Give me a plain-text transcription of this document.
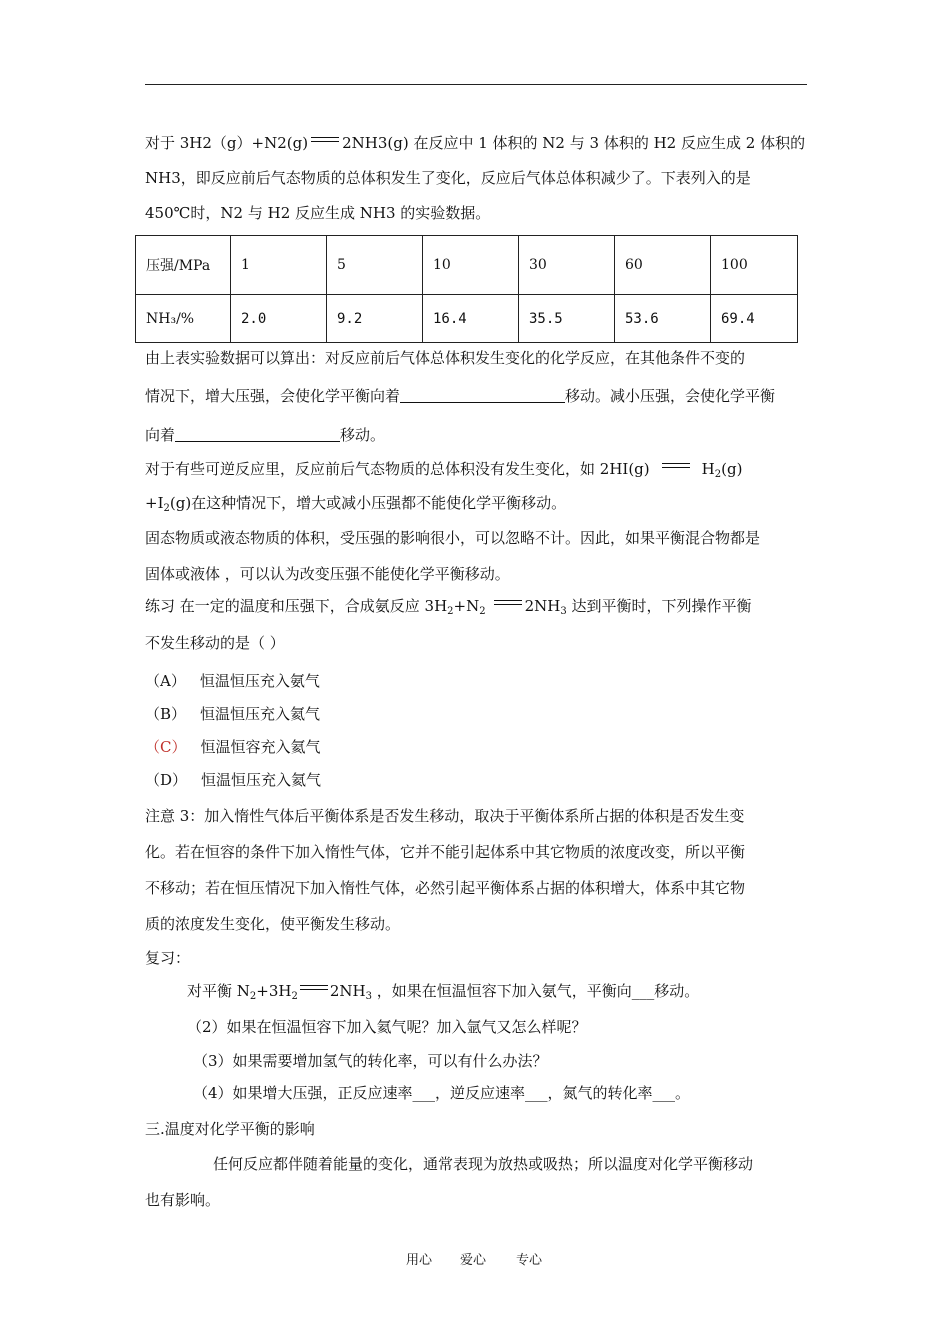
对于 3H2（g）+N2(g) 2NH3(g) 在反应中 1 体积的 N2 与 3 体积的 H2 反应生成 2 体积的
NH3，即反应前后气态物质的总体积发生了变化，反应后气体总体积减少了。下表列入的是
450℃时，N2 与 H2 反应生成 NH3 的实验数据。
压强/MPa	1	5	10	30	60	100
NH₃/%	2.0	9.2	16.4	35.5	53.6	69.4
由上表实验数据可以算出：对反应前后气体总体积发生变化的化学反应，在其他条件不变的
情况下，增大压强，会使化学平衡向着	移动。减小压强，会使化学平衡
向着	移动。
对于有些可逆反应里，反应前后气态物质的总体积没有发生变化，如 2HI(g)	$H_2(g)$
$+I_2(g)$在这种情况下，增大或减小压强都不能使化学平衡移动。
固态物质或液态物质的体积，受压强的影响很小，可以忽略不计。因此，如果平衡混合物都是
固体或液体 ，可以认为改变压强不能使化学平衡移动。
练习 在一定的温度和压强下，合成氨反应 $3H_2+N_2$	$2NH_3$ 达到平衡时，下列操作平衡
不发生移动的是（ ）
（A） 恒温恒压充入氨气
（B） 恒温恒压充入氦气
（C） 恒温恒容充入氦气
（D） 恒温恒压充入氦气
注意 3：加入惰性气体后平衡体系是否发生移动，取决于平衡体系所占据的体积是否发生变
化。若在恒容的条件下加入惰性气体，它并不能引起体系中其它物质的浓度改变，所以平衡
不移动；若在恒压情况下加入惰性气体，必然引起平衡体系占据的体积增大，体系中其它物
质的浓度发生变化，使平衡发生移动。
复习：
对平衡 $N_2+3H_2$ $2NH_3$ ，如果在恒温恒容下加入氨气，平衡向___移动。
（2）如果在恒温恒容下加入氦气呢？加入氩气又怎么样呢？
（3）如果需要增加氢气的转化率，可以有什么办法？
（4）如果增大压强，正反应速率___，逆反应速率___，氮气的转化率___。
三.温度对化学平衡的影响
任何反应都伴随着能量的变化，通常表现为放热或吸热；所以温度对化学平衡移动
也有影响。
用心 爱心 专心
